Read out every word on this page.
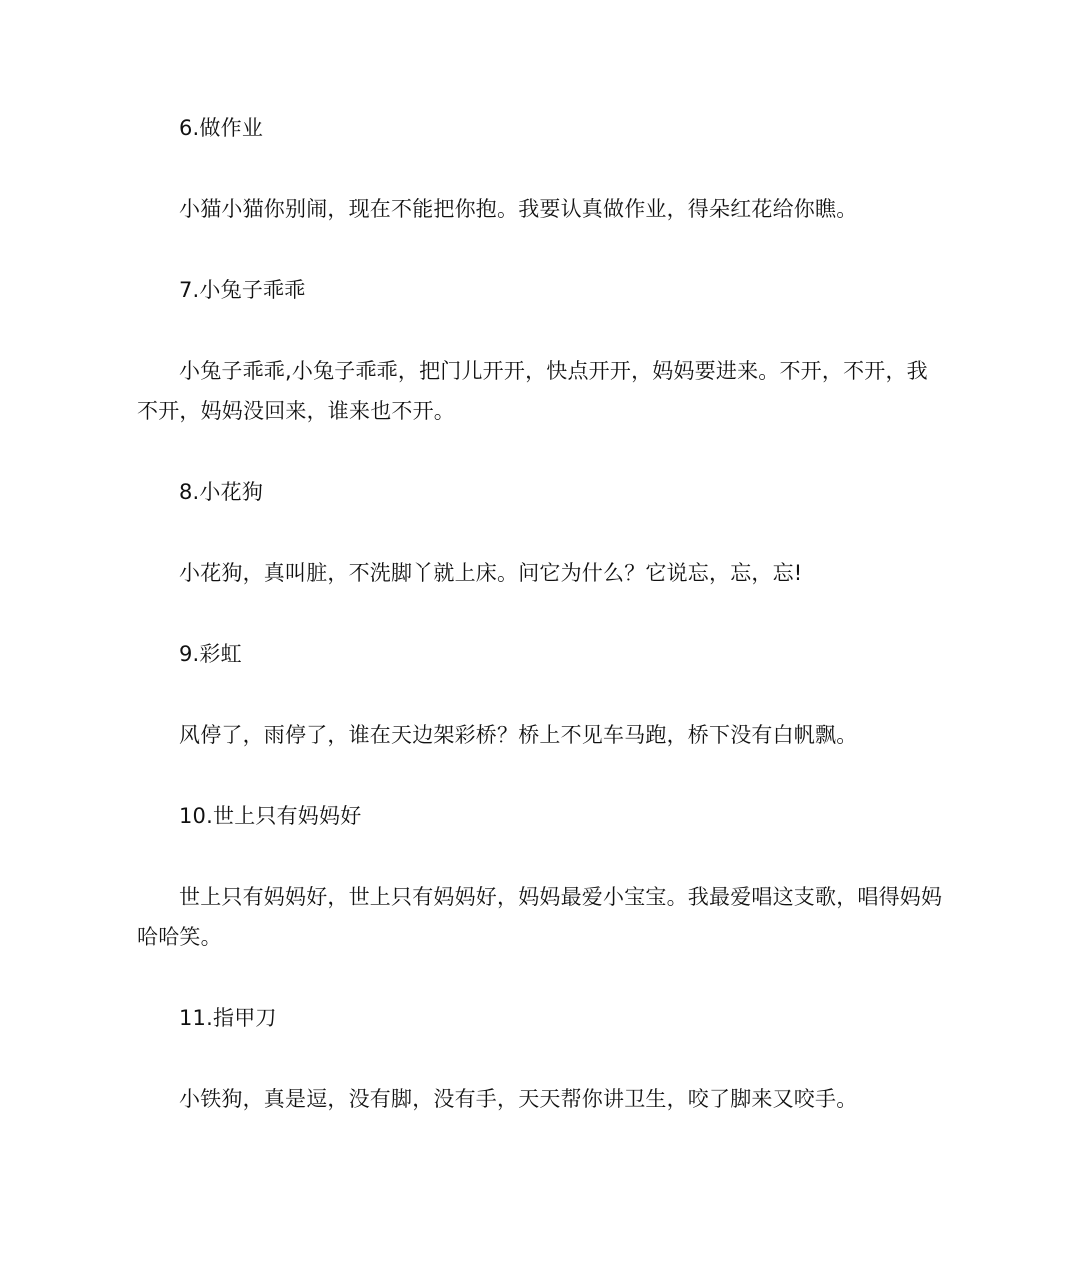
6.做作业

小猫小猫你别闹，现在不能把你抱。我要认真做作业，得朵红花给你瞧。

7.小兔子乖乖

小兔子乖乖,小兔子乖乖，把门儿开开，快点开开，妈妈要进来。不开，不开，我不开，妈妈没回来，谁来也不开。

8.小花狗

小花狗，真叫脏，不洗脚丫就上床。问它为什么？它说忘，忘，忘!

9.彩虹

风停了，雨停了，谁在天边架彩桥？桥上不见车马跑，桥下没有白帆飘。

10.世上只有妈妈好

世上只有妈妈好，世上只有妈妈好，妈妈最爱小宝宝。我最爱唱这支歌，唱得妈妈哈哈笑。

11.指甲刀

小铁狗，真是逗，没有脚，没有手，天天帮你讲卫生，咬了脚来又咬手。
